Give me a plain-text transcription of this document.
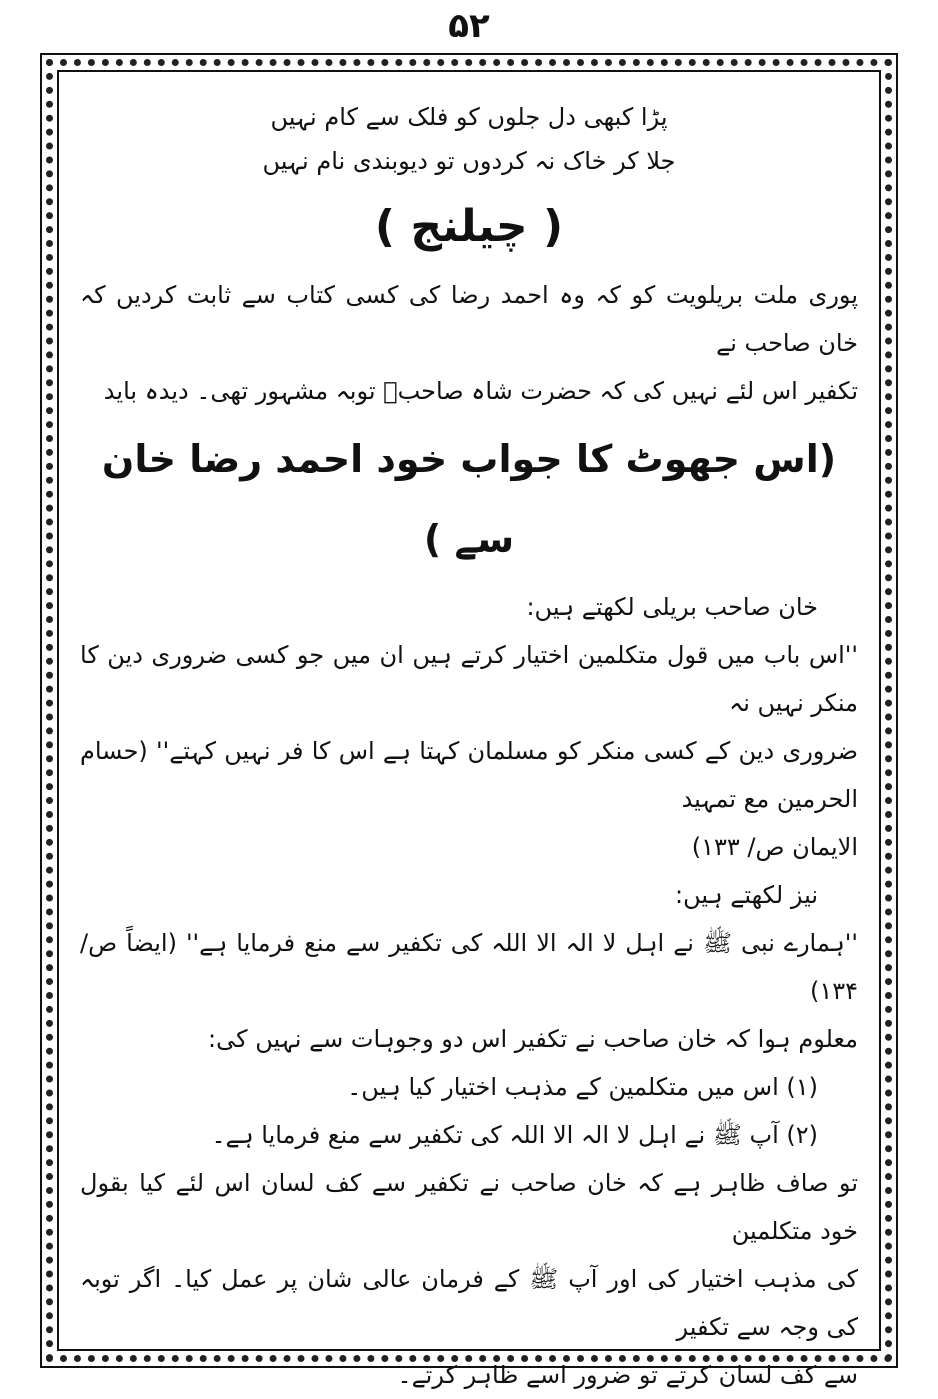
۵۲

پڑا کبھی دل جلوں کو فلک سے کام نہیں

جلا کر خاک نہ کردوں تو دیوبندی نام نہیں

( چیلنج )

پوری ملت بریلویت کو کہ وہ احمد رضا کی کسی کتاب سے ثابت کردیں کہ خان صاحب نے

تکفیر اس لئے نہیں کی کہ حضرت شاہ صاحبؒ توبہ مشہور تھی۔ دیدہ باید

(اس جھوٹ کا جواب خود احمد رضا خان سے )

خان صاحب بریلی لکھتے ہیں:

''اس باب میں قول متکلمین اختیار کرتے ہیں ان میں جو کسی ضروری دین کا منکر نہیں نہ

ضروری دین کے کسی منکر کو مسلمان کہتا ہے اس کا فر نہیں کہتے'' (حسام الحرمین مع تمہید

الایمان ص/ ۱۳۳)

نیز لکھتے ہیں:

''ہمارے نبی ﷺ نے اہل لا الہ الا اللہ کی تکفیر سے منع فرمایا ہے'' (ایضاً ص/ ۱۳۴)

معلوم ہوا کہ خان صاحب نے تکفیر اس دو وجوہات سے نہیں کی:

(۱) اس میں متکلمین کے مذہب اختیار کیا ہیں۔

(۲) آپ ﷺ نے اہل لا الہ الا اللہ کی تکفیر سے منع فرمایا ہے۔

تو صاف ظاہر ہے کہ خان صاحب نے تکفیر سے کف لسان اس لئے کیا بقول خود متکلمین

کی مذہب اختیار کی اور آپ ﷺ کے فرمان عالی شان پر عمل کیا۔ اگر توبہ کی وجہ سے تکفیر

سے کف لسان کرتے تو ضرور اسے ظاہر کرتے۔
